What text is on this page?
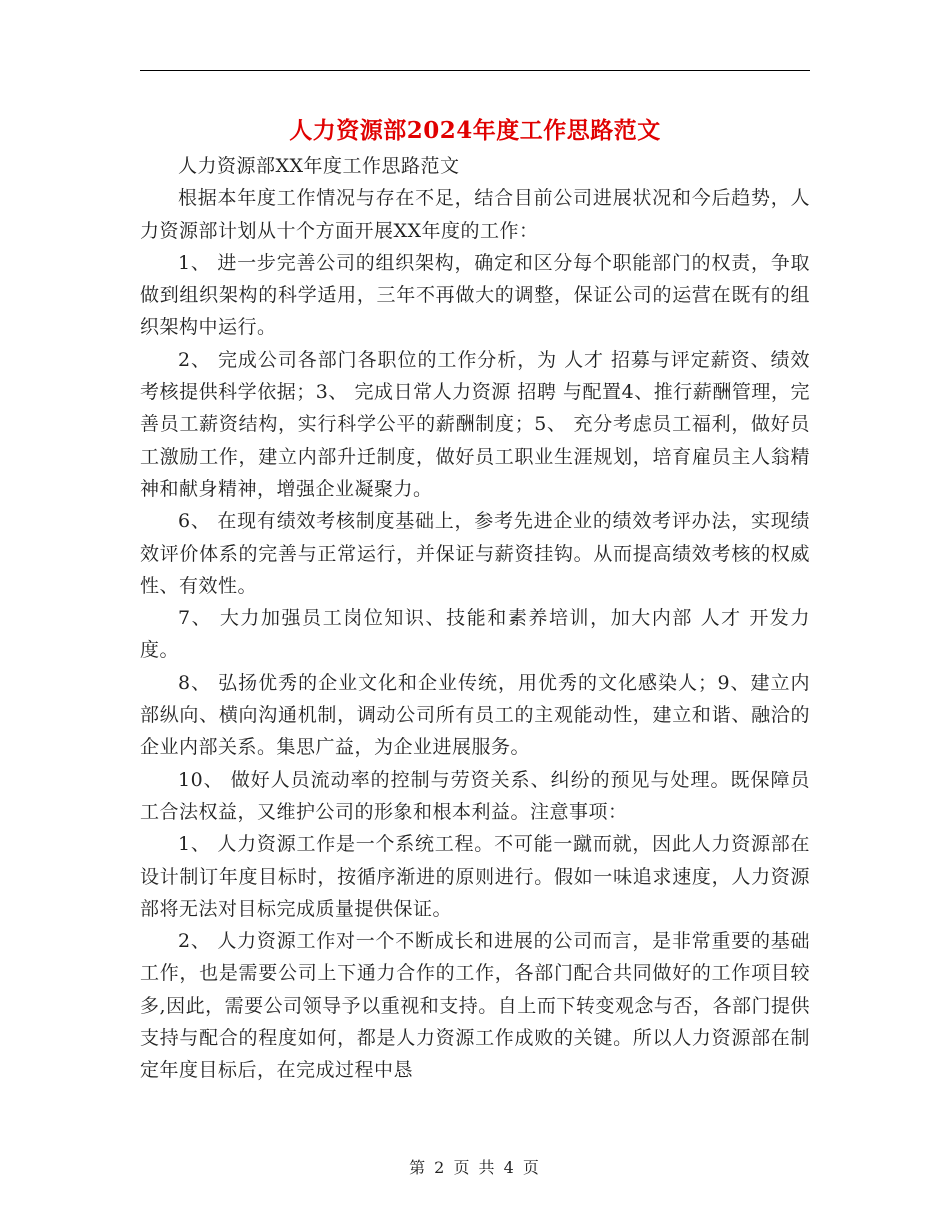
人力资源部2024年度工作思路范文

人力资源部XX年度工作思路范文

根据本年度工作情况与存在不足，结合目前公司进展状况和今后趋势，人力资源部计划从十个方面开展XX年度的工作：

1、 进一步完善公司的组织架构，确定和区分每个职能部门的权责，争取做到组织架构的科学适用，三年不再做大的调整，保证公司的运营在既有的组织架构中运行。

2、 完成公司各部门各职位的工作分析，为 人才 招募与评定薪资、绩效考核提供科学依据；3、 完成日常人力资源 招聘 与配置4、推行薪酬管理，完善员工薪资结构，实行科学公平的薪酬制度；5、 充分考虑员工福利，做好员工激励工作，建立内部升迁制度，做好员工职业生涯规划，培育雇员主人翁精神和献身精神，增强企业凝聚力。

6、 在现有绩效考核制度基础上，参考先进企业的绩效考评办法，实现绩效评价体系的完善与正常运行，并保证与薪资挂钩。从而提高绩效考核的权威性、有效性。

7、 大力加强员工岗位知识、技能和素养培训，加大内部 人才 开发力度。

8、 弘扬优秀的企业文化和企业传统，用优秀的文化感染人；9、建立内部纵向、横向沟通机制，调动公司所有员工的主观能动性，建立和谐、融洽的企业内部关系。集思广益，为企业进展服务。

10、 做好人员流动率的控制与劳资关系、纠纷的预见与处理。既保障员工合法权益，又维护公司的形象和根本利益。注意事项：

1、 人力资源工作是一个系统工程。不可能一蹴而就，因此人力资源部在设计制订年度目标时，按循序渐进的原则进行。假如一味追求速度，人力资源部将无法对目标完成质量提供保证。

2、 人力资源工作对一个不断成长和进展的公司而言，是非常重要的基础工作，也是需要公司上下通力合作的工作，各部门配合共同做好的工作项目较多,因此，需要公司领导予以重视和支持。自上而下转变观念与否，各部门提供支持与配合的程度如何，都是人力资源工作成败的关键。所以人力资源部在制定年度目标后，在完成过程中恳

第 2 页 共 4 页
